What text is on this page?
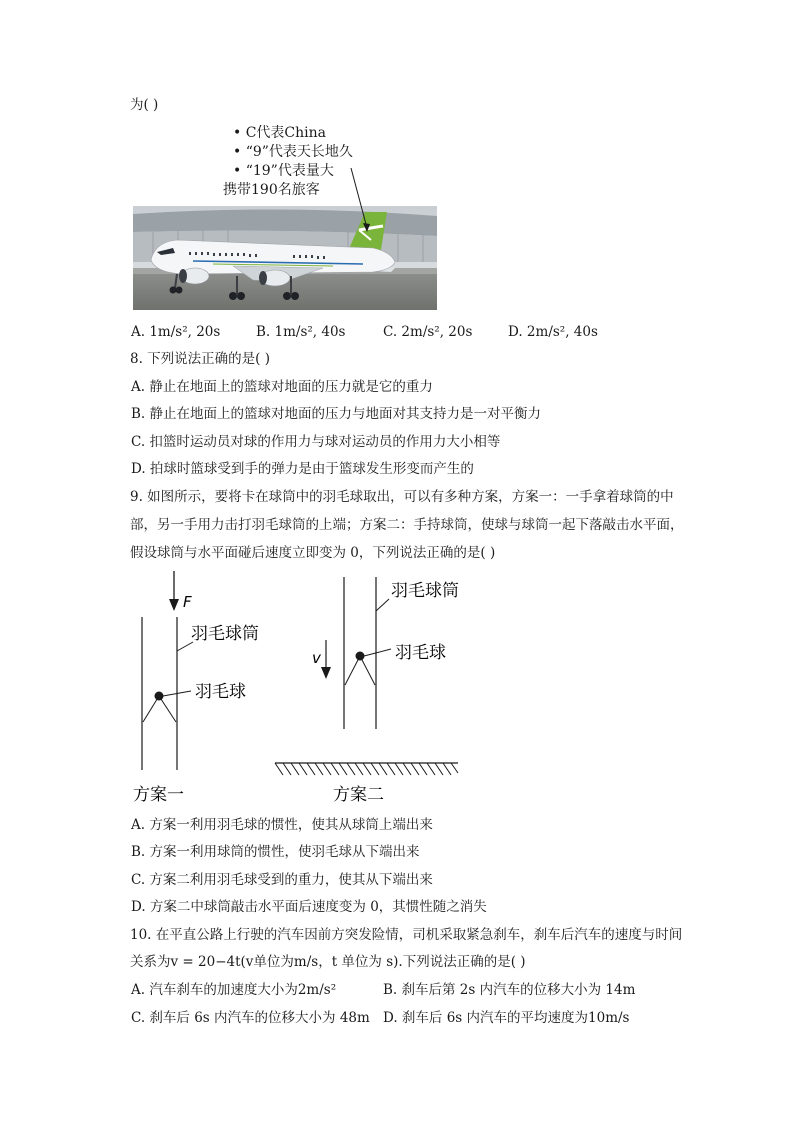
为( )
• C代表China
• “9”代表天长地久
• “19”代表量大
携带190名旅客
A. 1m/s², 20s	B. 1m/s², 40s	C. 2m/s², 20s	D. 2m/s², 40s
8. 下列说法正确的是( )
A. 静止在地面上的篮球对地面的压力就是它的重力
B. 静止在地面上的篮球对地面的压力与地面对其支持力是一对平衡力
C. 扣篮时运动员对球的作用力与球对运动员的作用力大小相等
D. 拍球时篮球受到手的弹力是由于篮球发生形变而产生的
9. 如图所示，要将卡在球筒中的羽毛球取出，可以有多种方案，方案一：一手拿着球筒的中
部，另一手用力击打羽毛球筒的上端；方案二：手持球筒，使球与球筒一起下落敲击水平面，
假设球筒与水平面碰后速度立即变为 0，下列说法正确的是( )
F
羽毛球筒
羽毛球
方案一
羽毛球筒
v	羽毛球
方案二
A. 方案一利用羽毛球的惯性，使其从球筒上端出来
B. 方案一利用球筒的惯性，使羽毛球从下端出来
C. 方案二利用羽毛球受到的重力，使其从下端出来
D. 方案二中球筒敲击水平面后速度变为 0，其惯性随之消失
10. 在平直公路上行驶的汽车因前方突发险情，司机采取紧急刹车，刹车后汽车的速度与时间
关系为v = 20−4t(v单位为m/s，t 单位为 s).下列说法正确的是( )
A. 汽车刹车的加速度大小为2m/s²	B. 刹车后第 2s 内汽车的位移大小为 14m
C. 刹车后 6s 内汽车的位移大小为 48m D. 刹车后 6s 内汽车的平均速度为10m/s
